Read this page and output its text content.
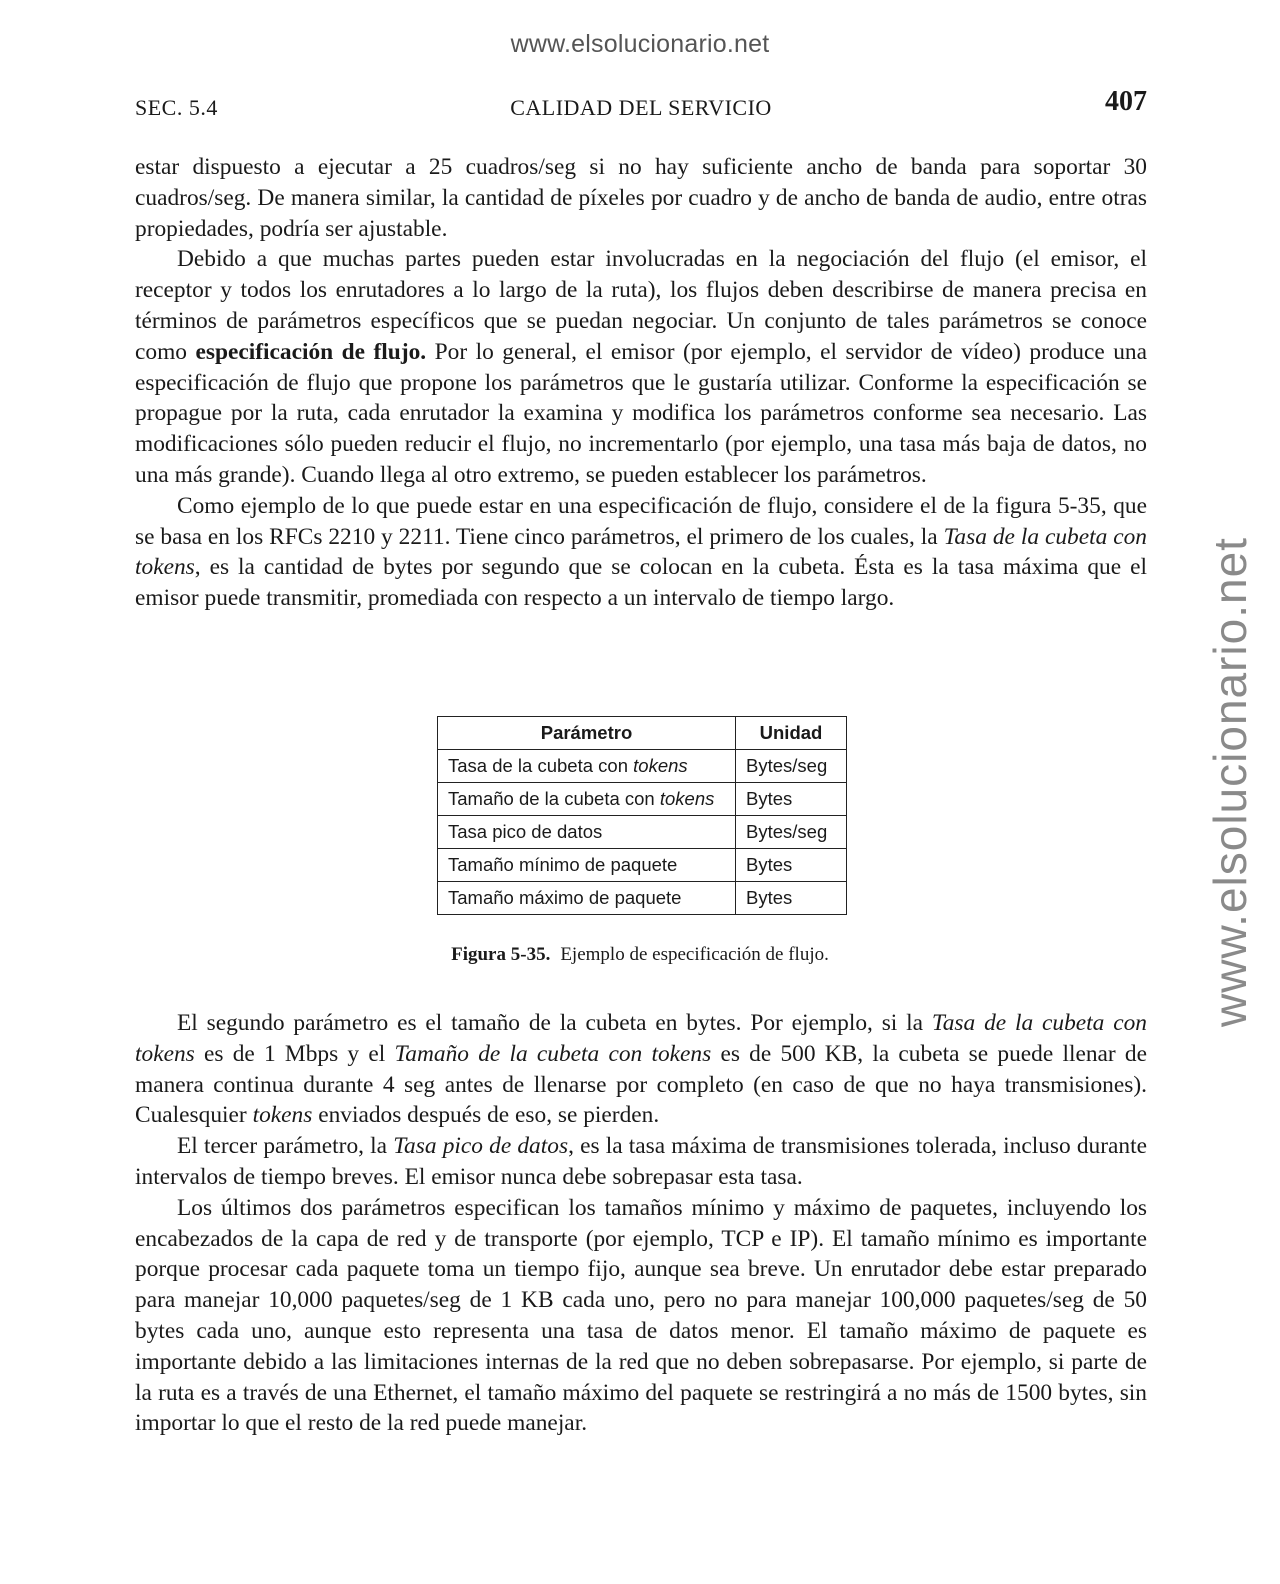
www.elsolucionario.net
www.elsolucionario.net
SEC. 5.4	CALIDAD DEL SERVICIO	407

estar dispuesto a ejecutar a 25 cuadros/seg si no hay suficiente ancho de banda para soportar 30 cuadros/seg. De manera similar, la cantidad de píxeles por cuadro y de ancho de banda de audio, entre otras propiedades, podría ser ajustable.

Debido a que muchas partes pueden estar involucradas en la negociación del flujo (el emisor, el receptor y todos los enrutadores a lo largo de la ruta), los flujos deben describirse de manera precisa en términos de parámetros específicos que se puedan negociar. Un conjunto de tales parámetros se conoce como especificación de flujo. Por lo general, el emisor (por ejemplo, el servidor de vídeo) produce una especificación de flujo que propone los parámetros que le gustaría utilizar. Conforme la especificación se propague por la ruta, cada enrutador la examina y modifica los parámetros conforme sea necesario. Las modificaciones sólo pueden reducir el flujo, no incrementarlo (por ejemplo, una tasa más baja de datos, no una más grande). Cuando llega al otro extremo, se pueden establecer los parámetros.

Como ejemplo de lo que puede estar en una especificación de flujo, considere el de la figura 5-35, que se basa en los RFCs 2210 y 2211. Tiene cinco parámetros, el primero de los cuales, la Tasa de la cubeta con tokens, es la cantidad de bytes por segundo que se colocan en la cubeta. Ésta es la tasa máxima que el emisor puede transmitir, promediada con respecto a un intervalo de tiempo largo.

Parámetro	Unidad
Tasa de la cubeta con tokens	Bytes/seg
Tamaño de la cubeta con tokens	Bytes
Tasa pico de datos	Bytes/seg
Tamaño mínimo de paquete	Bytes
Tamaño máximo de paquete	Bytes
Figura 5-35. Ejemplo de especificación de flujo.

El segundo parámetro es el tamaño de la cubeta en bytes. Por ejemplo, si la Tasa de la cubeta con tokens es de 1 Mbps y el Tamaño de la cubeta con tokens es de 500 KB, la cubeta se puede llenar de manera continua durante 4 seg antes de llenarse por completo (en caso de que no haya transmisiones). Cualesquier tokens enviados después de eso, se pierden.

El tercer parámetro, la Tasa pico de datos, es la tasa máxima de transmisiones tolerada, incluso durante intervalos de tiempo breves. El emisor nunca debe sobrepasar esta tasa.

Los últimos dos parámetros especifican los tamaños mínimo y máximo de paquetes, incluyendo los encabezados de la capa de red y de transporte (por ejemplo, TCP e IP). El tamaño mínimo es importante porque procesar cada paquete toma un tiempo fijo, aunque sea breve. Un enrutador debe estar preparado para manejar 10,000 paquetes/seg de 1 KB cada uno, pero no para manejar 100,000 paquetes/seg de 50 bytes cada uno, aunque esto representa una tasa de datos menor. El tamaño máximo de paquete es importante debido a las limitaciones internas de la red que no deben sobrepasarse. Por ejemplo, si parte de la ruta es a través de una Ethernet, el tamaño máximo del paquete se restringirá a no más de 1500 bytes, sin importar lo que el resto de la red puede manejar.
